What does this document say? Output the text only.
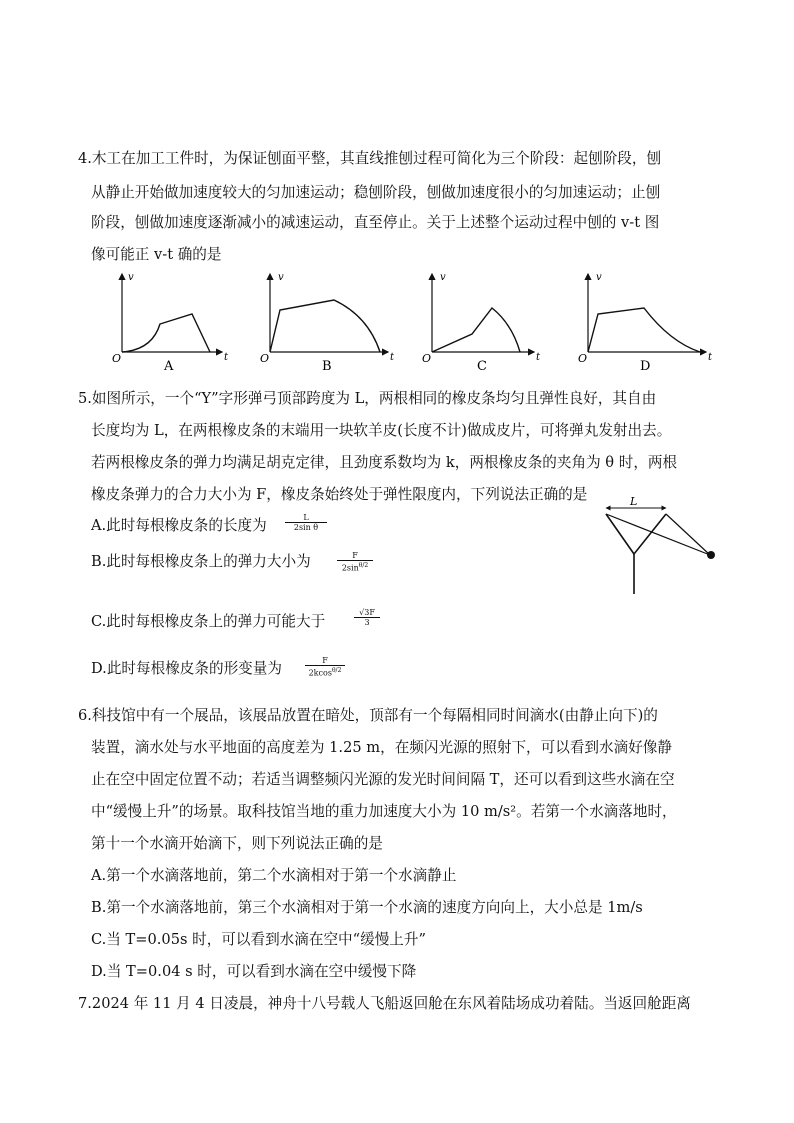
4.木工在加工工件时，为保证刨面平整，其直线推刨过程可简化为三个阶段：起刨阶段，刨
从静止开始做加速度较大的匀加速运动；稳刨阶段，刨做加速度很小的匀加速运动；止刨
阶段，刨做加速度逐渐减小的减速运动，直至停止。关于上述整个运动过程中刨的 v-t 图
像可能正 v-t 确的是
v
t
O
A
v
t
O
B
v
t
O
C
v
t
O
D
5.如图所示，一个“Y”字形弹弓顶部跨度为 L，两根相同的橡皮条均匀且弹性良好，其自由
长度均为 L，在两根橡皮条的末端用一块软羊皮(长度不计)做成皮片，可将弹丸发射出去。
若两根橡皮条的弹力均满足胡克定律，且劲度系数均为 k，两根橡皮条的夹角为 θ 时，两根
橡皮条弹力的合力大小为 F，橡皮条始终处于弹性限度内，下列说法正确的是
A.此时每根橡皮条的长度为 $\frac{L}{\text{2sin θ}}$
B.此时每根橡皮条上的弹力大小为	$\frac{F}{2\sin^{\theta/2}}$
C.此时每根橡皮条上的弹力可能大于	$\frac{√3F}{3}$
D.此时每根橡皮条的形变量为	$\frac{F}{2kcos^{\theta/2}}$
L
6.科技馆中有一个展品，该展品放置在暗处，顶部有一个每隔相同时间滴水(由静止向下)的
装置，滴水处与水平地面的高度差为 1.25 m，在频闪光源的照射下，可以看到水滴好像静
止在空中固定位置不动；若适当调整频闪光源的发光时间间隔 T，还可以看到这些水滴在空
中“缓慢上升”的场景。取科技馆当地的重力加速度大小为 10 m/s²。若第一个水滴落地时，
第十一个水滴开始滴下，则下列说法正确的是
A.第一个水滴落地前，第二个水滴相对于第一个水滴静止
B.第一个水滴落地前，第三个水滴相对于第一个水滴的速度方向向上，大小总是 1m/s
C.当 T=0.05s 时，可以看到水滴在空中“缓慢上升”
D.当 T=0.04 s 时，可以看到水滴在空中缓慢下降
7.2024 年 11 月 4 日凌晨，神舟十八号载人飞船返回舱在东风着陆场成功着陆。当返回舱距离
